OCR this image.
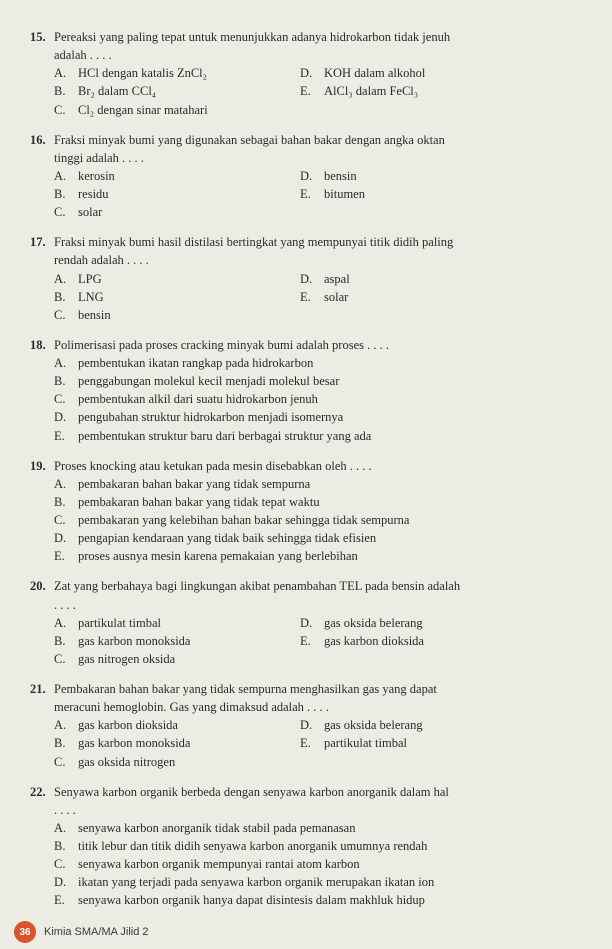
15. Pereaksi yang paling tepat untuk menunjukkan adanya hidrokarbon tidak jenuh
adalah . . . .
A. HCl dengan katalis ZnCl₂	D. KOH dalam alkohol
B.	Br₂ dalam CCl₄	E.	AlCl₃ dalam FeCl₃
C.	Cl₂ dengan sinar matahari
16. Fraksi minyak bumi yang digunakan sebagai bahan bakar dengan angka oktan
tinggi adalah . . . .
A. kerosin	D. bensin
B.	residu	E.	bitumen
C.	solar
17. Fraksi minyak bumi hasil distilasi bertingkat yang mempunyai titik didih paling
rendah adalah . . . .
A. LPG	D. aspal
B.	LNG	E.	solar
C.	bensin
18. Polimerisasi pada proses cracking minyak bumi adalah proses . . . .
A. pembentukan ikatan rangkap pada hidrokarbon
B.	penggabungan molekul kecil menjadi molekul besar
C.	pembentukan alkil dari suatu hidrokarbon jenuh
D. pengubahan struktur hidrokarbon menjadi isomernya
E.	pembentukan struktur baru dari berbagai struktur yang ada
19. Proses knocking atau ketukan pada mesin disebabkan oleh . . . .
A. pembakaran bahan bakar yang tidak sempurna
B.	pembakaran bahan bakar yang tidak tepat waktu
C.	pembakaran yang kelebihan bahan bakar sehingga tidak sempurna
D. pengapian kendaraan yang tidak baik sehingga tidak efisien
E.	proses ausnya mesin karena pemakaian yang berlebihan
20. Zat yang berbahaya bagi lingkungan akibat penambahan TEL pada bensin adalah
. . . .
A. partikulat timbal	D. gas oksida belerang
B.	gas karbon monoksida	E.	gas karbon dioksida
C.	gas nitrogen oksida
21. Pembakaran bahan bakar yang tidak sempurna menghasilkan gas yang dapat
meracuni hemoglobin. Gas yang dimaksud adalah . . . .
A. gas karbon dioksida	D. gas oksida belerang
B.	gas karbon monoksida	E.	partikulat timbal
C.	gas oksida nitrogen
22. Senyawa karbon organik berbeda dengan senyawa karbon anorganik dalam hal
. . . .
A. senyawa karbon anorganik tidak stabil pada pemanasan
B.	titik lebur dan titik didih senyawa karbon anorganik umumnya rendah
C.	senyawa karbon organik mempunyai rantai atom karbon
D. ikatan yang terjadi pada senyawa karbon organik merupakan ikatan ion
E.	senyawa karbon organik hanya dapat disintesis dalam makhluk hidup
36	Kimia SMA/MA Jilid 2
